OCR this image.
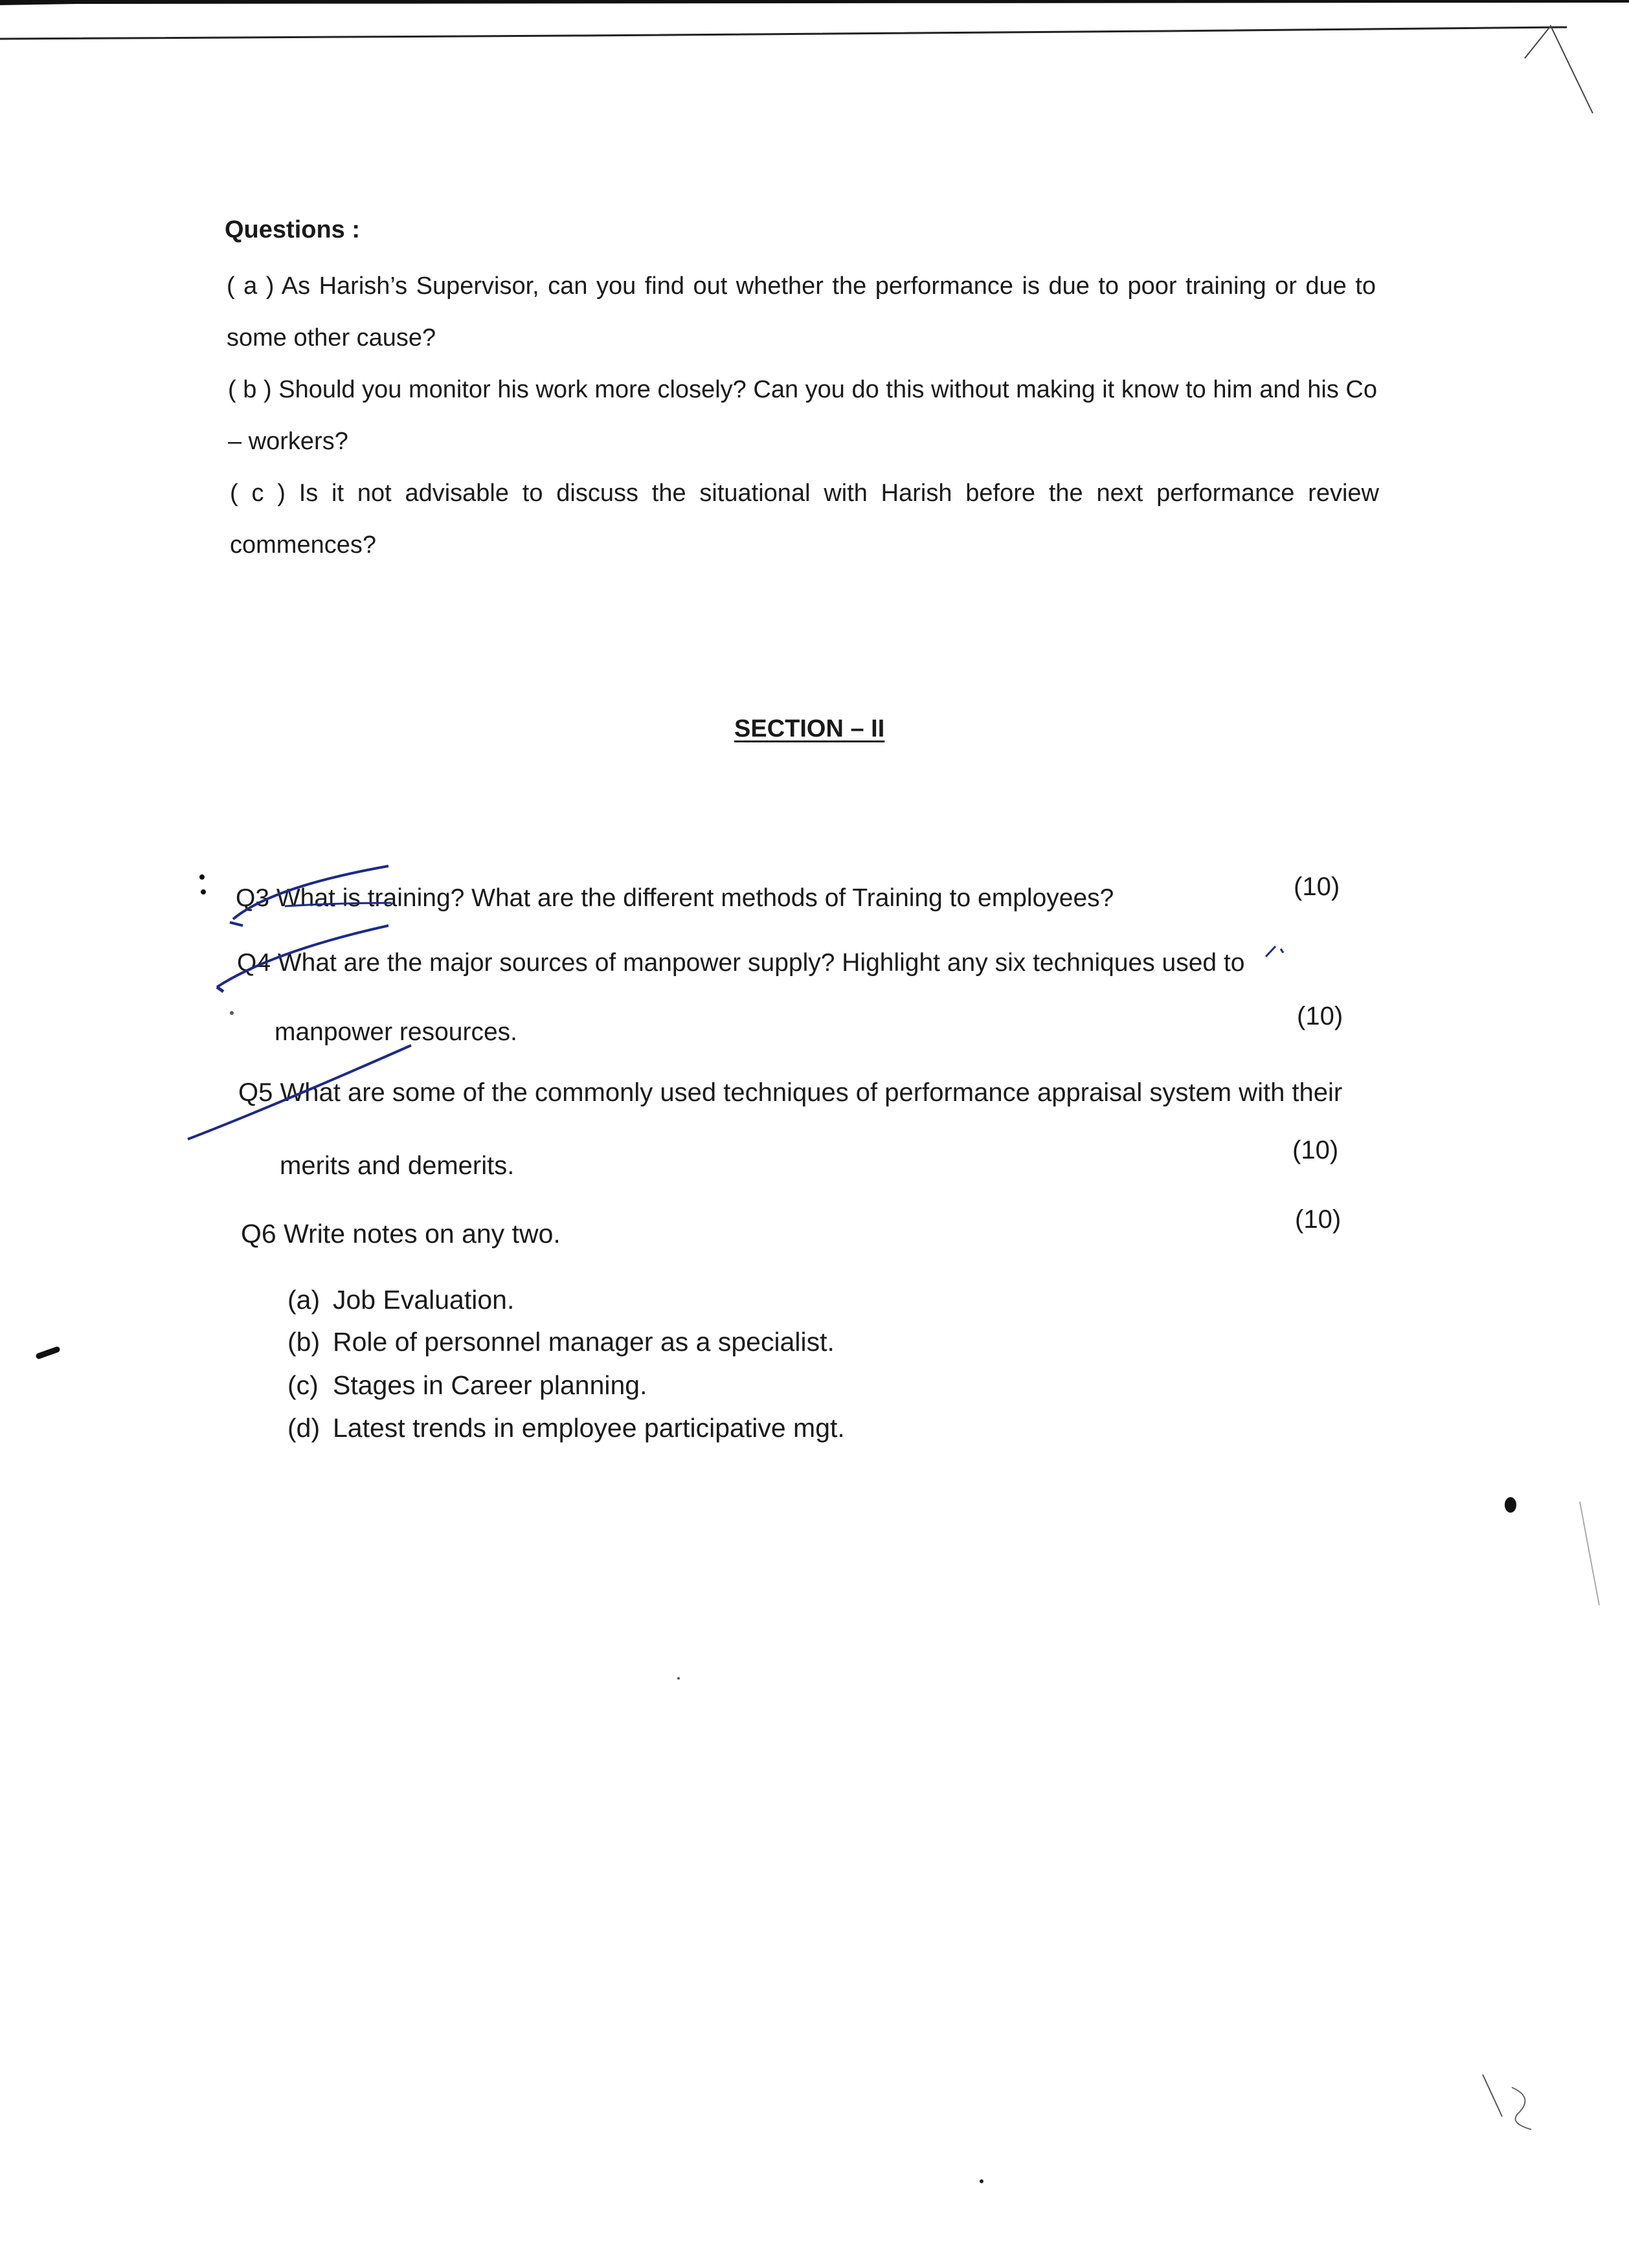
Questions :
( a ) As Harish’s Supervisor, can you find out whether the performance is due to poor training or due to some other cause?
( b ) Should you monitor his work more closely? Can you do this without making it know to him and his Co – workers?
( c ) Is it not advisable to discuss the situational with Harish before the next performance review commences?
SECTION – II
Q3 What is training? What are the different methods of Training to employees?	(10)
Q4 What are the major sources of manpower supply? Highlight any six techniques used to
manpower resources.
(10)
Q5 What are some of the commonly used techniques of performance appraisal system with their
merits and demerits.
(10)
Q6 Write notes on any two.	(10)
(a) Job Evaluation.
(b) Role of personnel manager as a specialist.
(c) Stages in Career planning.
(d) Latest trends in employee participative mgt.
